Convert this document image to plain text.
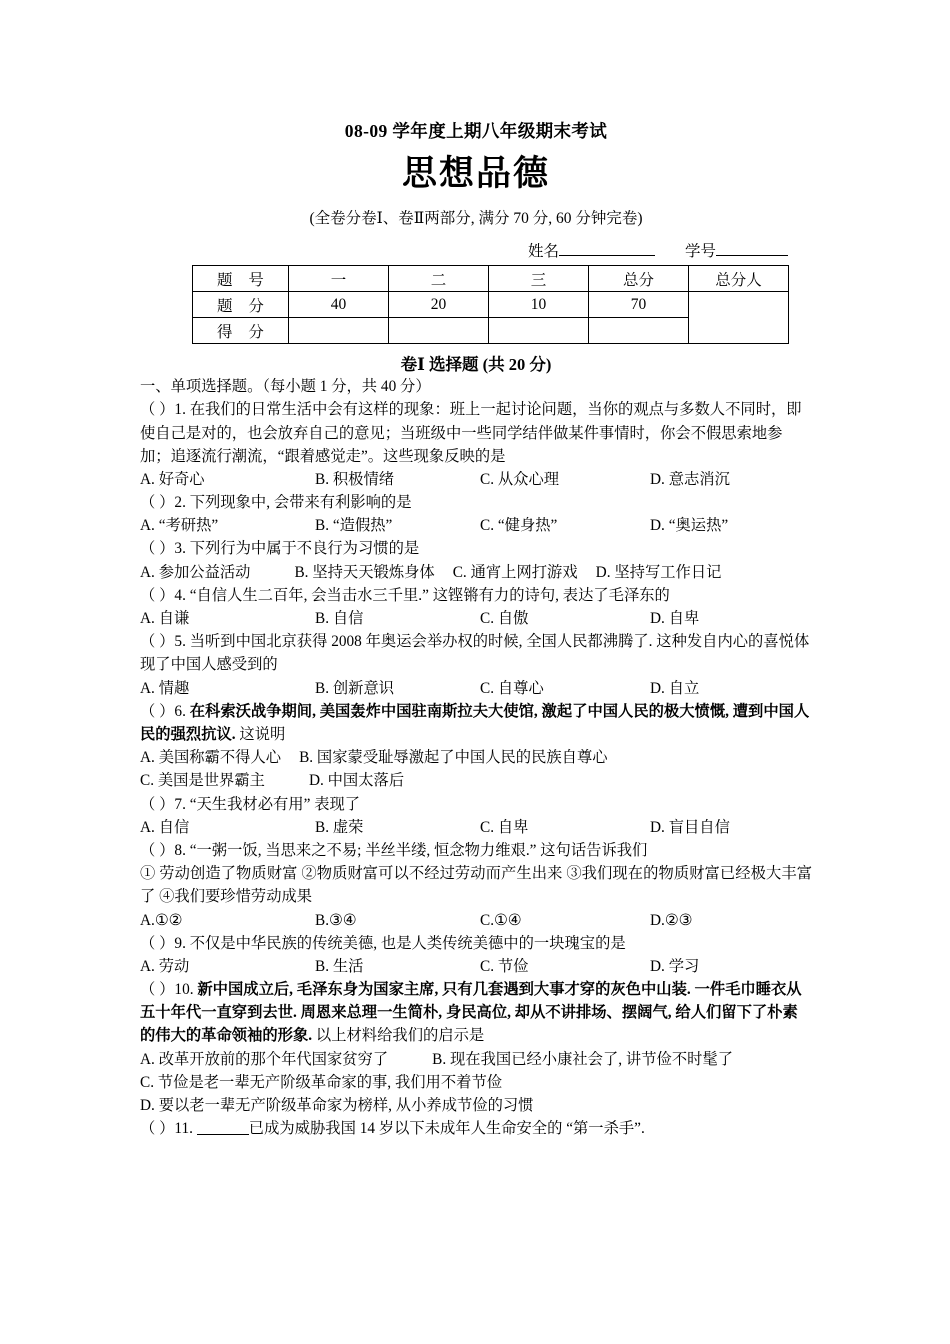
08-09 学年度上期八年级期末考试
思想品德
(全卷分卷Ⅰ、卷Ⅱ两部分, 满分 70 分, 60 分钟完卷)
姓名	学号
题 号	一	二	三	总分	总分人
题 分	40	20	10	70	
得 分					
卷Ⅰ 选择题 (共 20 分)
一、单项选择题。（每小题 1 分，共 40 分）
（ ）1. 在我们的日常生活中会有这样的现象：班上一起讨论问题，当你的观点与多数人不同时，即使自己是对的，也会放弃自己的意见；当班级中一些同学结伴做某件事情时，你会不假思索地参加；追逐流行潮流，“跟着感觉走”。这些现象反映的是
A. 好奇心	B. 积极情绪	C. 从众心理	D. 意志消沉
（ ）2. 下列现象中, 会带来有利影响的是
A. “考研热”	B. “造假热”	C. “健身热”	D. “奥运热”
（ ）3. 下列行为中属于不良行为习惯的是
A. 参加公益活动	B. 坚持天天锻炼身体 C. 通宵上网打游戏 D. 坚持写工作日记
（ ）4. “自信人生二百年, 会当击水三千里.” 这铿锵有力的诗句, 表达了毛泽东的
A. 自谦	B. 自信	C. 自傲	D. 自卑
（ ）5. 当听到中国北京获得 2008 年奥运会举办权的时候, 全国人民都沸腾了. 这种发自内心的喜悦体现了中国人感受到的
A. 情趣	B. 创新意识	C. 自尊心	D. 自立
（ ）6. 在科索沃战争期间, 美国轰炸中国驻南斯拉夫大使馆, 激起了中国人民的极大愤慨, 遭到中国人民的强烈抗议. 这说明
A. 美国称霸不得人心 B. 国家蒙受耻辱激起了中国人民的民族自尊心
C. 美国是世界霸主	D. 中国太落后
（ ）7. “天生我材必有用” 表现了
A. 自信	B. 虚荣	C. 自卑	D. 盲目自信
（ ）8. “一粥一饭, 当思来之不易; 半丝半缕, 恒念物力维艰.” 这句话告诉我们
① 劳动创造了物质财富 ②物质财富可以不经过劳动而产生出来 ③我们现在的物质财富已经极大丰富了 ④我们要珍惜劳动成果
A.①②	B.③④	C.①④	D.②③
（ ）9. 不仅是中华民族的传统美德, 也是人类传统美德中的一块瑰宝的是
A. 劳动	B. 生活	C. 节俭	D. 学习
（ ）10. 新中国成立后, 毛泽东身为国家主席, 只有几套遇到大事才穿的灰色中山装. 一件毛巾睡衣从五十年代一直穿到去世. 周恩来总理一生简朴, 身民高位, 却从不讲排场、摆阔气, 给人们留下了朴素的伟大的革命领袖的形象. 以上材料给我们的启示是
A. 改革开放前的那个年代国家贫穷了	B. 现在我国已经小康社会了, 讲节俭不时髦了
C. 节俭是老一辈无产阶级革命家的事, 我们用不着节俭
D. 要以老一辈无产阶级革命家为榜样, 从小养成节俭的习惯
（ ）11.	已成为威胁我国 14 岁以下未成年人生命安全的 “第一杀手”.
